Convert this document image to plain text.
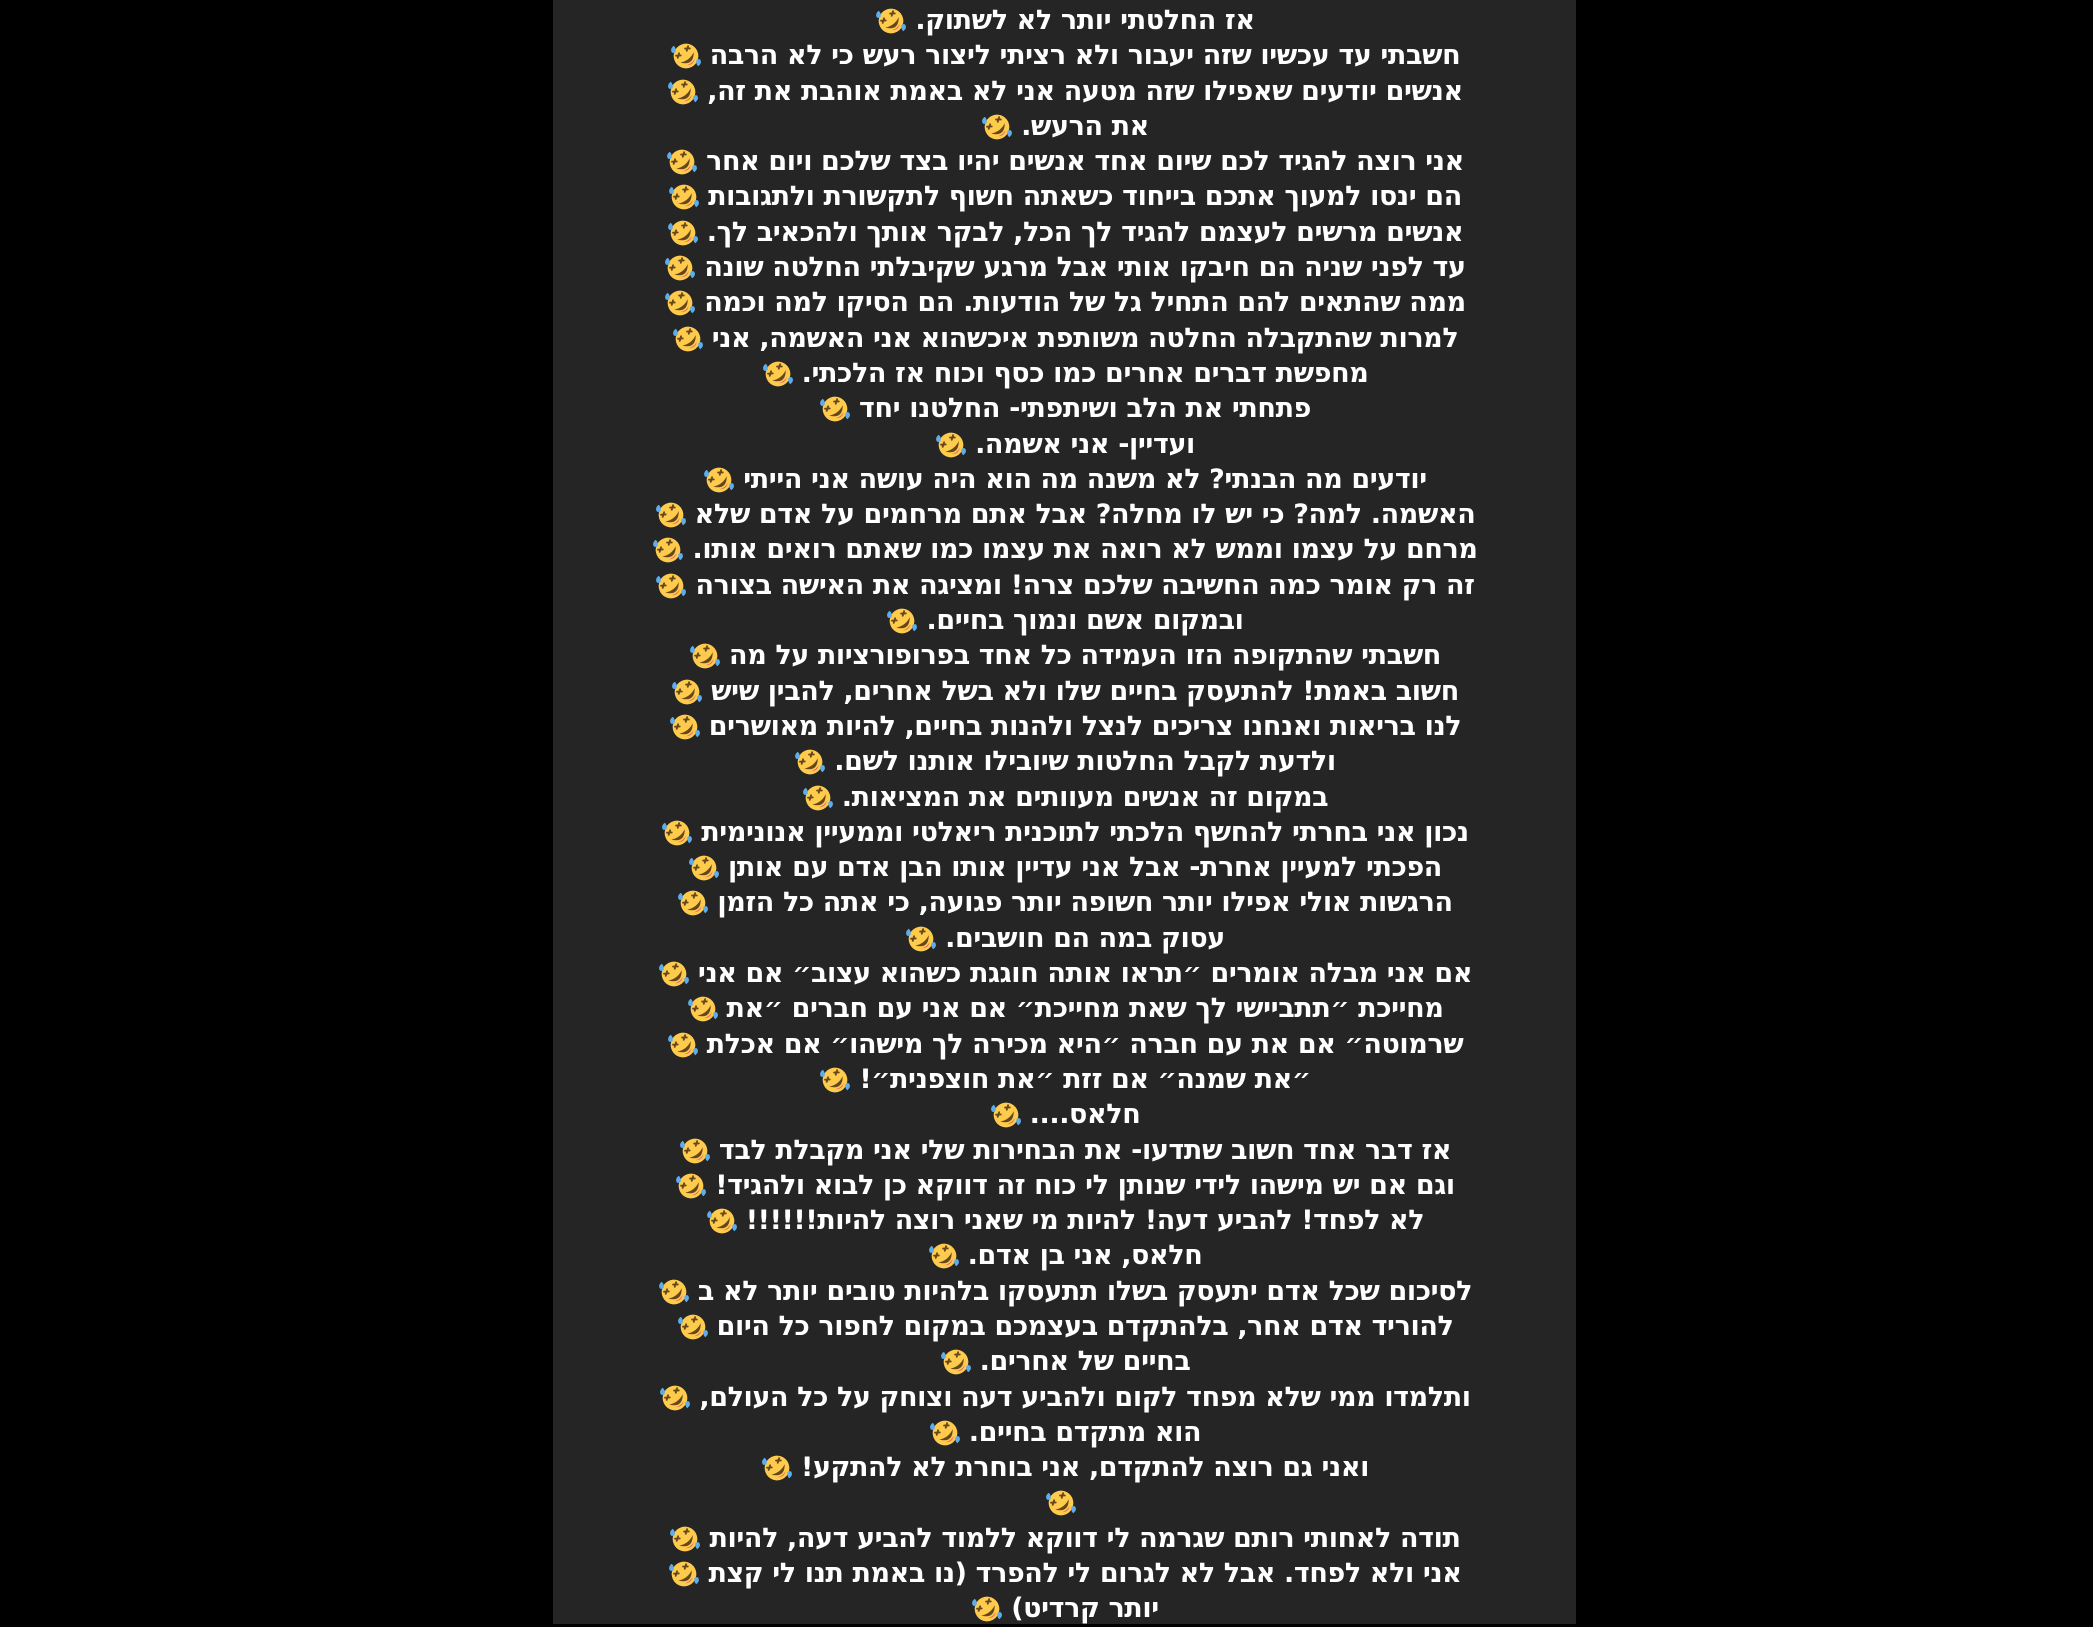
אז החלטתי יותר לא לשתוק.
חשבתי עד עכשיו שזה יעבור ולא רציתי ליצור רעש כי לא הרבה
אנשים יודעים שאפילו שזה מטעה אני לא באמת אוהבת את זה,
את הרעש.
אני רוצה להגיד לכם שיום אחד אנשים יהיו בצד שלכם ויום אחר
הם ינסו למעוך אתכם בייחוד כשאתה חשוף לתקשורת ולתגובות
אנשים מרשים לעצמם להגיד לך הכל, לבקר אותך ולהכאיב לך.
עד לפני שניה הם חיבקו אותי אבל מרגע שקיבלתי החלטה שונה
ממה שהתאים להם התחיל גל של הודעות. הם הסיקו למה וכמה
למרות שהתקבלה החלטה משותפת איכשהוא אני האשמה, אני
מחפשת דברים אחרים כמו כסף וכוח אז הלכתי.
פתחתי את הלב ושיתפתי- החלטנו יחד
ועדיין- אני אשמה.
יודעים מה הבנתי? לא משנה מה הוא היה עושה אני הייתי
האשמה. למה? כי יש לו מחלה? אבל אתם מרחמים על אדם שלא
מרחם על עצמו וממש לא רואה את עצמו כמו שאתם רואים אותו.
זה רק אומר כמה החשיבה שלכם צרה! ומציגה את האישה בצורה
ובמקום אשם ונמוך בחיים.
חשבתי שהתקופה הזו העמידה כל אחד בפרופורציות על מה
חשוב באמת! להתעסק בחיים שלו ולא בשל אחרים, להבין שיש
לנו בריאות ואנחנו צריכים לנצל ולהנות בחיים, להיות מאושרים
ולדעת לקבל החלטות שיובילו אותנו לשם.
במקום זה אנשים מעוותים את המציאות.
נכון אני בחרתי להחשף הלכתי לתוכנית ריאלטי וממעיין אנונימית
הפכתי למעיין אחרת- אבל אני עדיין אותו הבן אדם עם אותן
הרגשות אולי אפילו יותר חשופה יותר פגועה, כי אתה כל הזמן
עסוק במה הם חושבים.
אם אני מבלה אומרים ״תראו אותה חוגגת כשהוא עצוב״ אם אני
מחייכת ״תתביישי לך שאת מחייכת״ אם אני עם חברים ״את
שרמוטה״ אם את עם חברה ״היא מכירה לך מישהו״ אם אכלת
״את שמנה״ אם זזת ״את חוצפנית״!
חלאס....
אז דבר אחד חשוב שתדעו- את הבחירות שלי אני מקבלת לבד
וגם אם יש מישהו לידי שנותן לי כוח זה דווקא כן לבוא ולהגיד!
לא לפחד! להביע דעה! להיות מי שאני רוצה להיות!!!!!!
חלאס, אני בן אדם.
לסיכום שכל אדם יתעסק בשלו תתעסקו בלהיות טובים יותר לא ב
להוריד אדם אחר, בלהתקדם בעצמכם במקום לחפור כל היום
בחיים של אחרים.
ותלמדו ממי שלא מפחד לקום ולהביע דעה וצוחק על כל העולם,
הוא מתקדם בחיים.
ואני גם רוצה להתקדם, אני בוחרת לא להתקע!
תודה לאחותי רותם שגרמה לי דווקא ללמוד להביע דעה, להיות
אני ולא לפחד. אבל לא לגרום לי להפרד (נו באמת תנו לי קצת
יותר קרדיט)
